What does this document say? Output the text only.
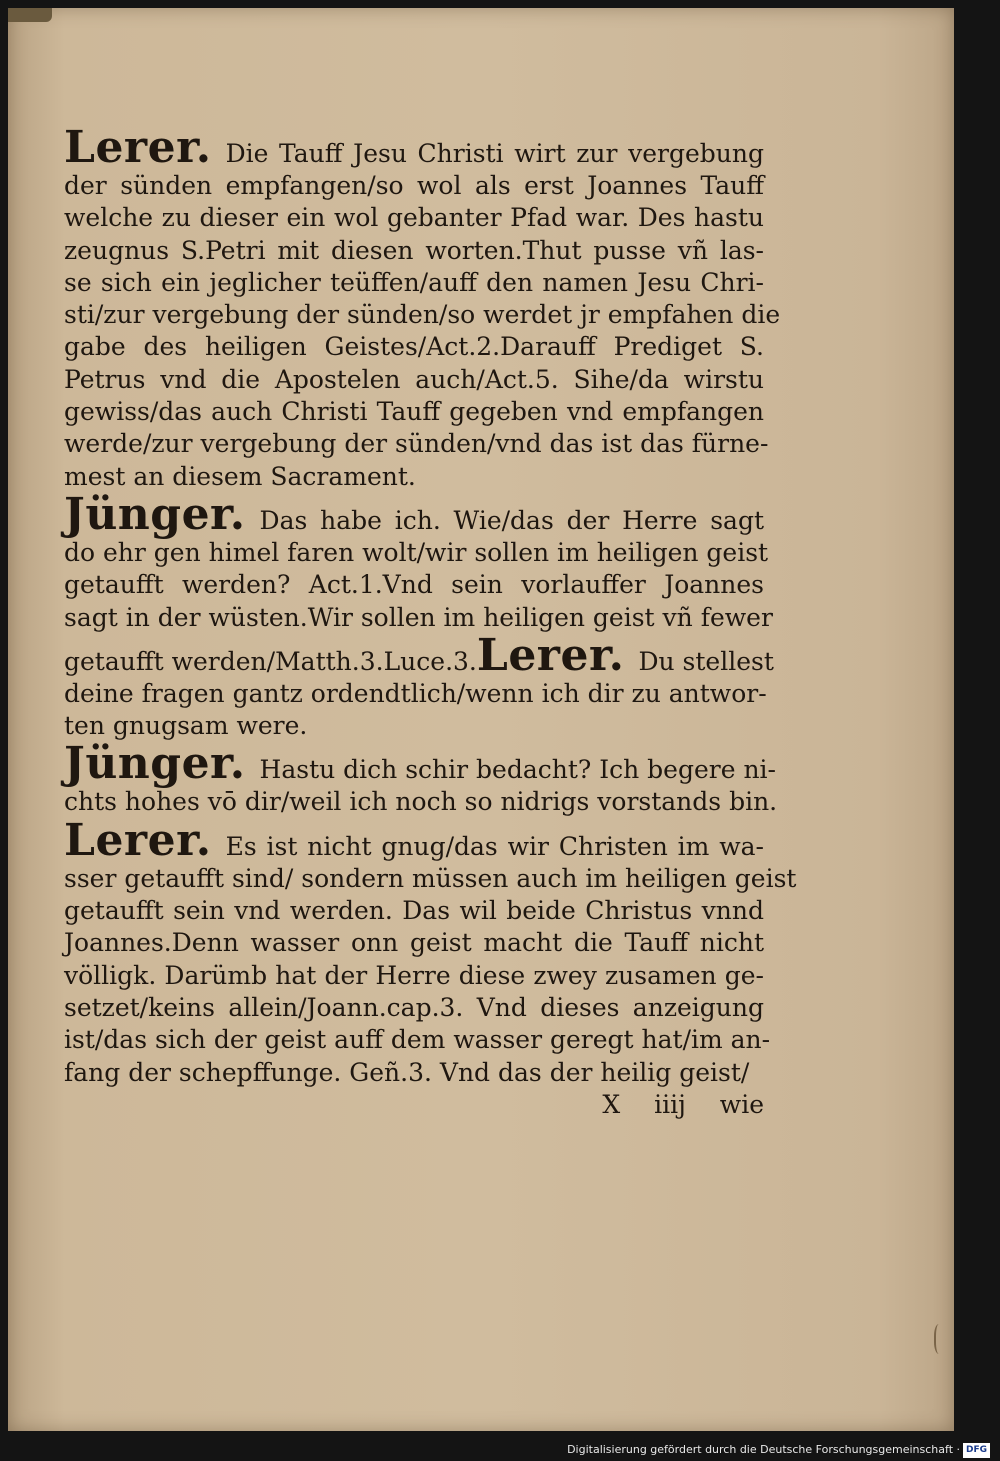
Lerer. Die Tauff Jesu Christi wirt zur vergebung
der sünden empfangen/so wol als erst Joannes Tauff
welche zu dieser ein wol gebanter Pfad war. Des hastu
zeugnus S.Petri mit diesen worten.Thut pusse vñ las-
se sich ein jeglicher teüffen/auff den namen Jesu Chri-
sti/zur vergebung der sünden/so werdet jr empfahen die
gabe des heiligen Geistes/Act.2.Darauff Prediget S.
Petrus vnd die Apostelen auch/Act.5. Sihe/da wirstu
gewiss/das auch Christi Tauff gegeben vnd empfangen
werde/zur vergebung der sünden/vnd das ist das fürne-
mest an diesem Sacrament.
Jünger. Das habe ich. Wie/das der Herre sagt
do ehr gen himel faren wolt/wir sollen im heiligen geist
getaufft werden? Act.1.Vnd sein vorlauffer Joannes
sagt in der wüsten.Wir sollen im heiligen geist vñ fewer
getaufft werden/Matth.3.Luce.3.Lerer. Du stellest
deine fragen gantz ordendtlich/wenn ich dir zu antwor-
ten gnugsam were.
Jünger. Hastu dich schir bedacht? Ich begere ni-
chts hohes vō dir/weil ich noch so nidrigs vorstands bin.
Lerer. Es ist nicht gnug/das wir Christen im wa-
sser getaufft sind/ sondern müssen auch im heiligen geist
getaufft sein vnd werden. Das wil beide Christus vnnd
Joannes.Denn wasser onn geist macht die Tauff nicht
völligk. Darümb hat der Herre diese zwey zusamen ge-
setzet/keins allein/Joann.cap.3. Vnd dieses anzeigung
ist/das sich der geist auff dem wasser geregt hat/im an-
fang der schepffunge. Geñ.3. Vnd das der heilig geist/
X iiij wie
Digitalisierung gefördert durch die Deutsche Forschungsgemeinschaft · DFG
